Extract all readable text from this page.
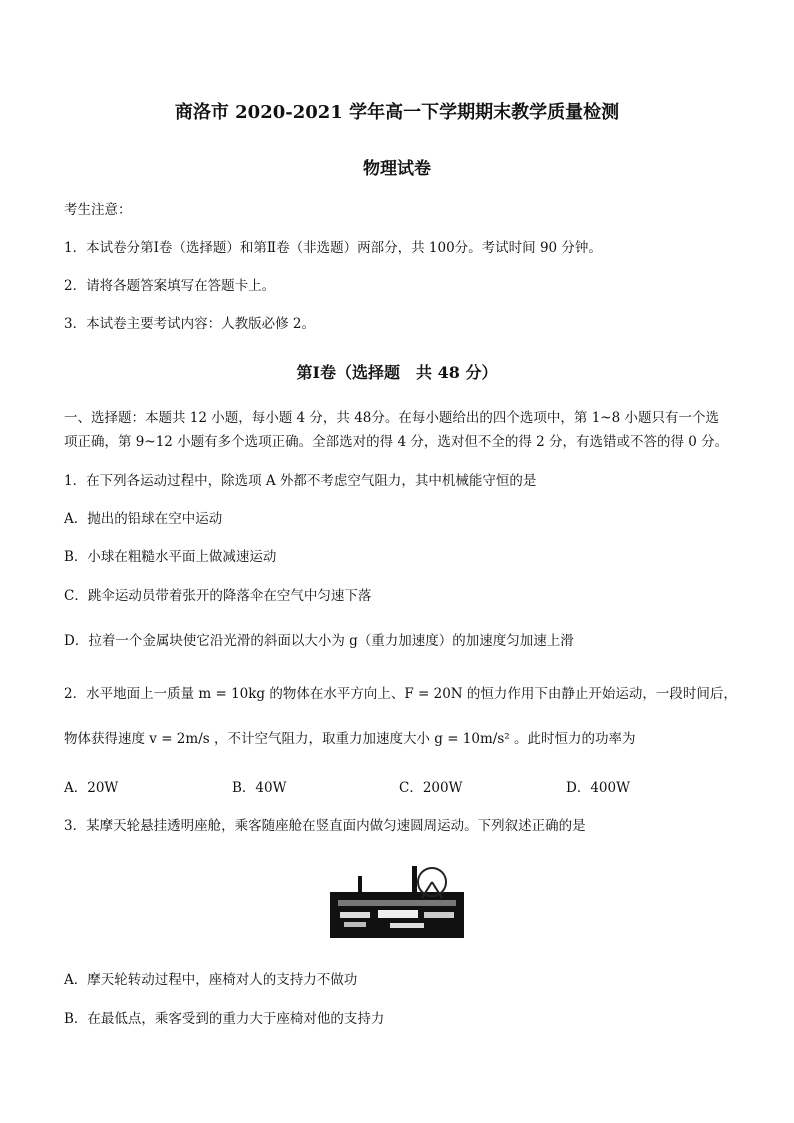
商洛市 2020-2021 学年高一下学期期末教学质量检测
物理试卷
考生注意：
1．本试卷分第Ⅰ卷（选择题）和第Ⅱ卷（非选题）两部分，共 100分。考试时间 90 分钟。
2．请将各题答案填写在答题卡上。
3．本试卷主要考试内容：人教版必修 2。
第Ⅰ卷（选择题　共 48 分）
一、选择题：本题共 12 小题，每小题 4 分，共 48分。在每小题给出的四个选项中，第 1~8 小题只有一个选
项正确，第 9~12 小题有多个选项正确。全部选对的得 4 分，选对但不全的得 2 分，有选错或不答的得 0 分。
1．在下列各运动过程中，除选项 A 外都不考虑空气阻力，其中机械能守恒的是
A．抛出的铅球在空中运动
B．小球在粗糙水平面上做减速运动
C．跳伞运动员带着张开的降落伞在空气中匀速下落
D．拉着一个金属块使它沿光滑的斜面以大小为 g（重力加速度）的加速度匀加速上滑
2．水平地面上一质量 m = 10kg 的物体在水平方向上、F = 20N 的恒力作用下由静止开始运动，一段时间后，
物体获得速度 v = 2m/s ，不计空气阻力，取重力加速度大小 g = 10m/s² 。此时恒力的功率为
A．20W	B．40W	C．200W	D．400W
3．某摩天轮悬挂透明座舱，乘客随座舱在竖直面内做匀速圆周运动。下列叙述正确的是
A．摩天轮转动过程中，座椅对人的支持力不做功
B．在最低点，乘客受到的重力大于座椅对他的支持力
